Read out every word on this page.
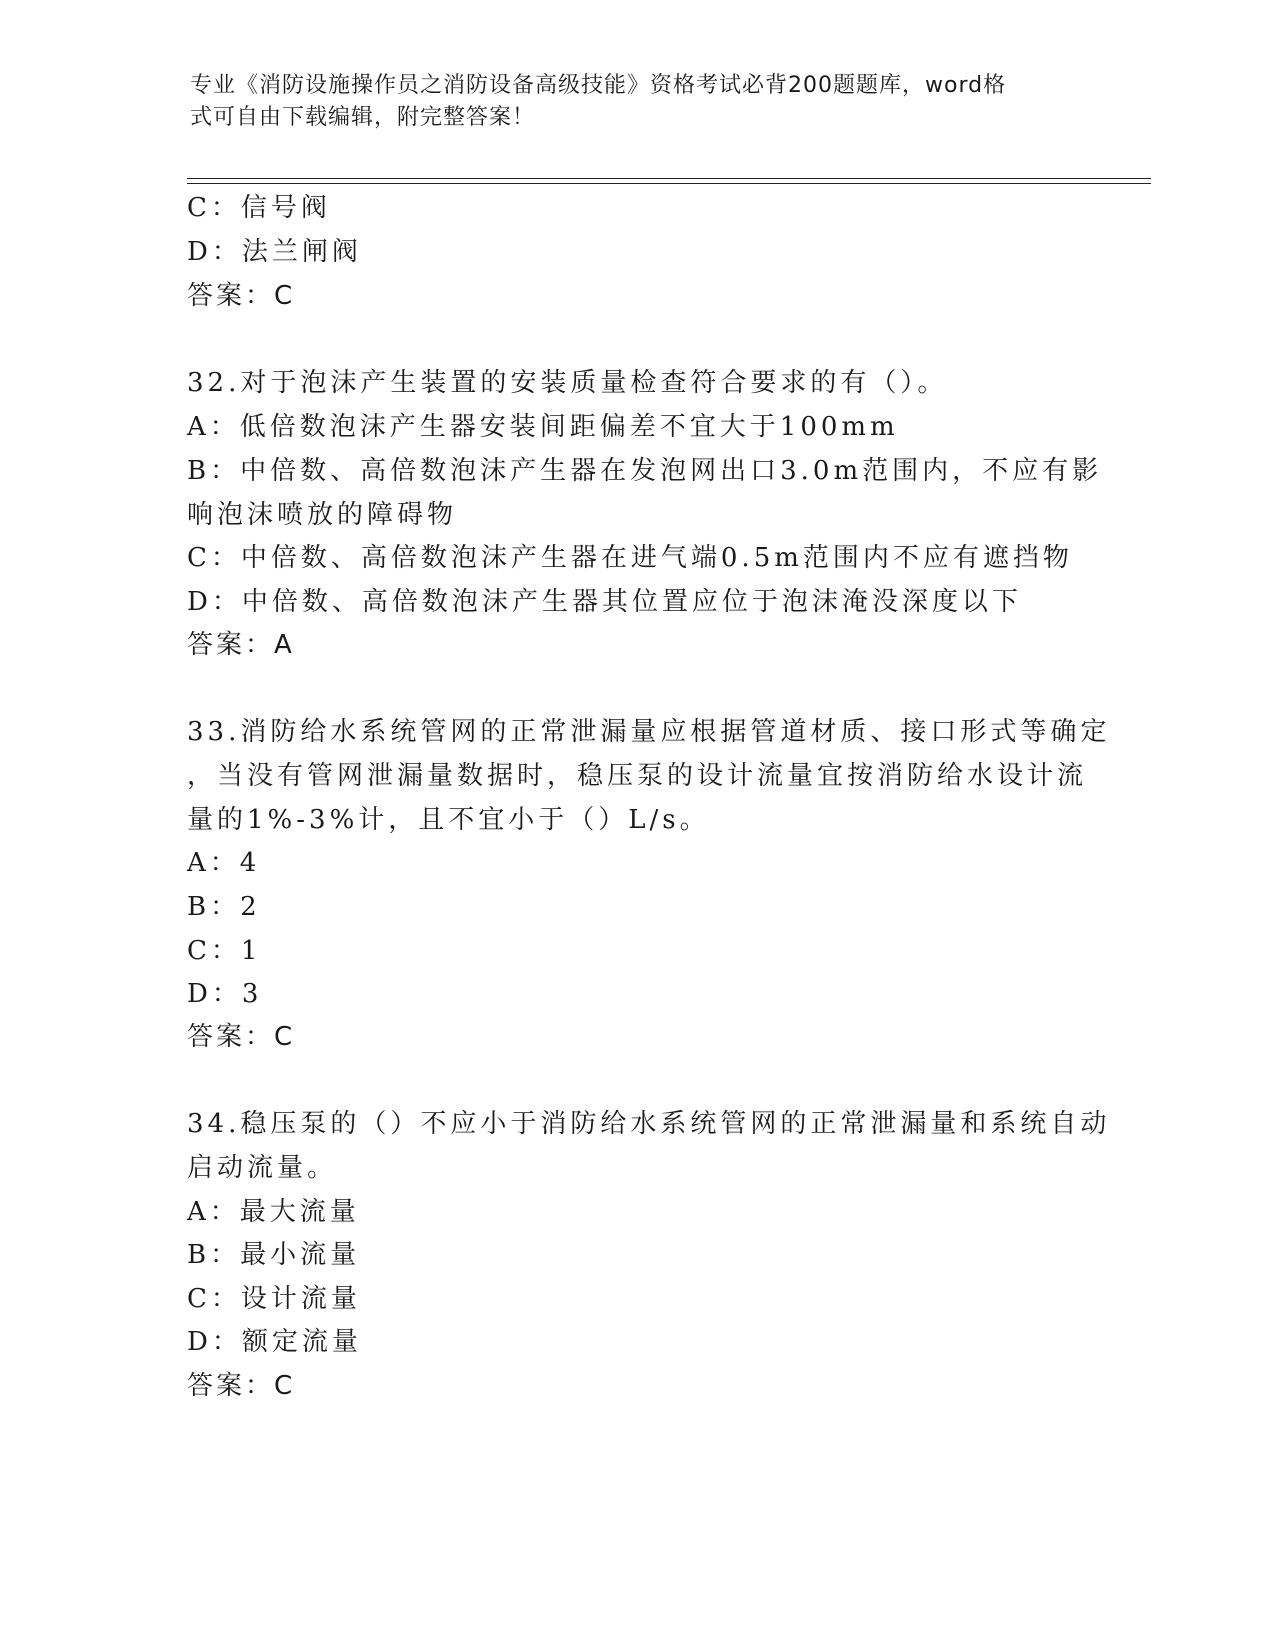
专业《消防设施操作员之消防设备高级技能》资格考试必背200题题库，word格
式可自由下载编辑，附完整答案！
C：信号阀
D：法兰闸阀
答案：C
32.对于泡沫产生装置的安装质量检查符合要求的有（）。
A：低倍数泡沫产生器安装间距偏差不宜大于100mm
B：中倍数、高倍数泡沫产生器在发泡网出口3.0m范围内，不应有影
响泡沫喷放的障碍物
C：中倍数、高倍数泡沫产生器在进气端0.5m范围内不应有遮挡物
D：中倍数、高倍数泡沫产生器其位置应位于泡沫淹没深度以下
答案：A
33.消防给水系统管网的正常泄漏量应根据管道材质、接口形式等确定
，当没有管网泄漏量数据时，稳压泵的设计流量宜按消防给水设计流
量的1%-3%计，且不宜小于（）L/s。
A：4
B：2
C：1
D：3
答案：C
34.稳压泵的（）不应小于消防给水系统管网的正常泄漏量和系统自动
启动流量。
A：最大流量
B：最小流量
C：设计流量
D：额定流量
答案：C
